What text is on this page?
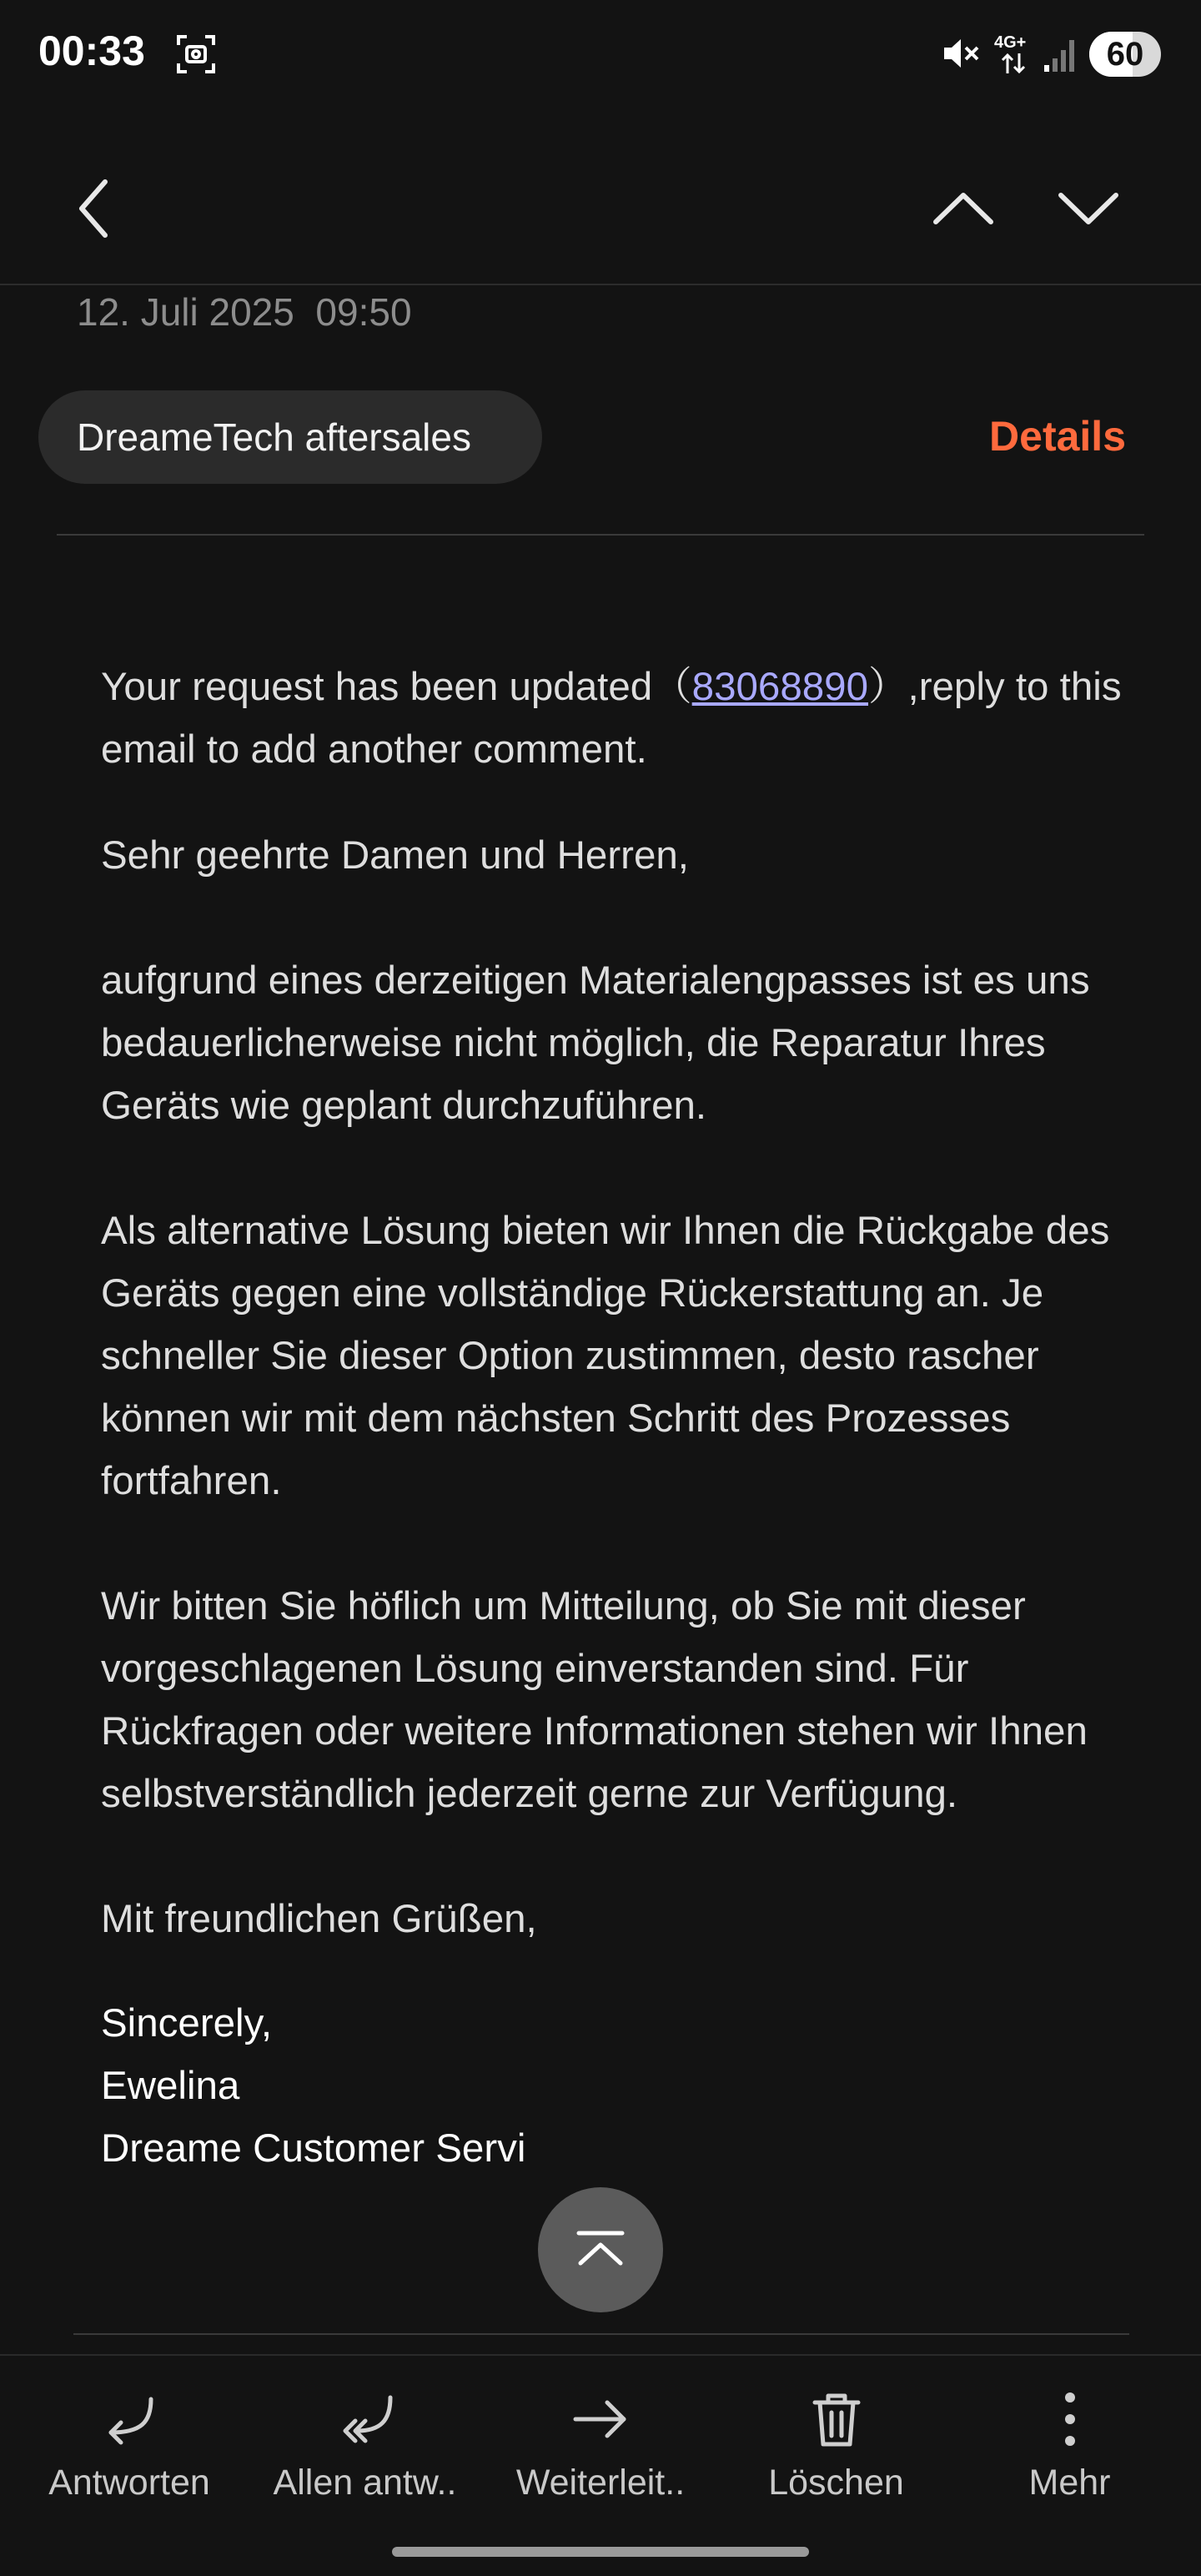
00:33	4G+	60
12. Juli 2025  09:50
DreameTech aftersales	Details

Your request has been updated（83068890）,reply to this email to add another comment.

Sehr geehrte Damen und Herren,

aufgrund eines derzeitigen Materialengpasses ist es uns bedauerlicherweise nicht möglich, die Reparatur Ihres Geräts wie geplant durchzuführen.

Als alternative Lösung bieten wir Ihnen die Rückgabe des Geräts gegen eine vollständige Rückerstattung an. Je schneller Sie dieser Option zustimmen, desto rascher können wir mit dem nächsten Schritt des Prozesses fortfahren.

Wir bitten Sie höflich um Mitteilung, ob Sie mit dieser vorgeschlagenen Lösung einverstanden sind. Für Rückfragen oder weitere Informationen stehen wir Ihnen selbstverständlich jederzeit gerne zur Verfügung.

Mit freundlichen Grüßen,

Sincerely,

Ewelina

Dreame Customer Servi

Antworten	Allen antw..	Weiterleit..	Löschen	Mehr
